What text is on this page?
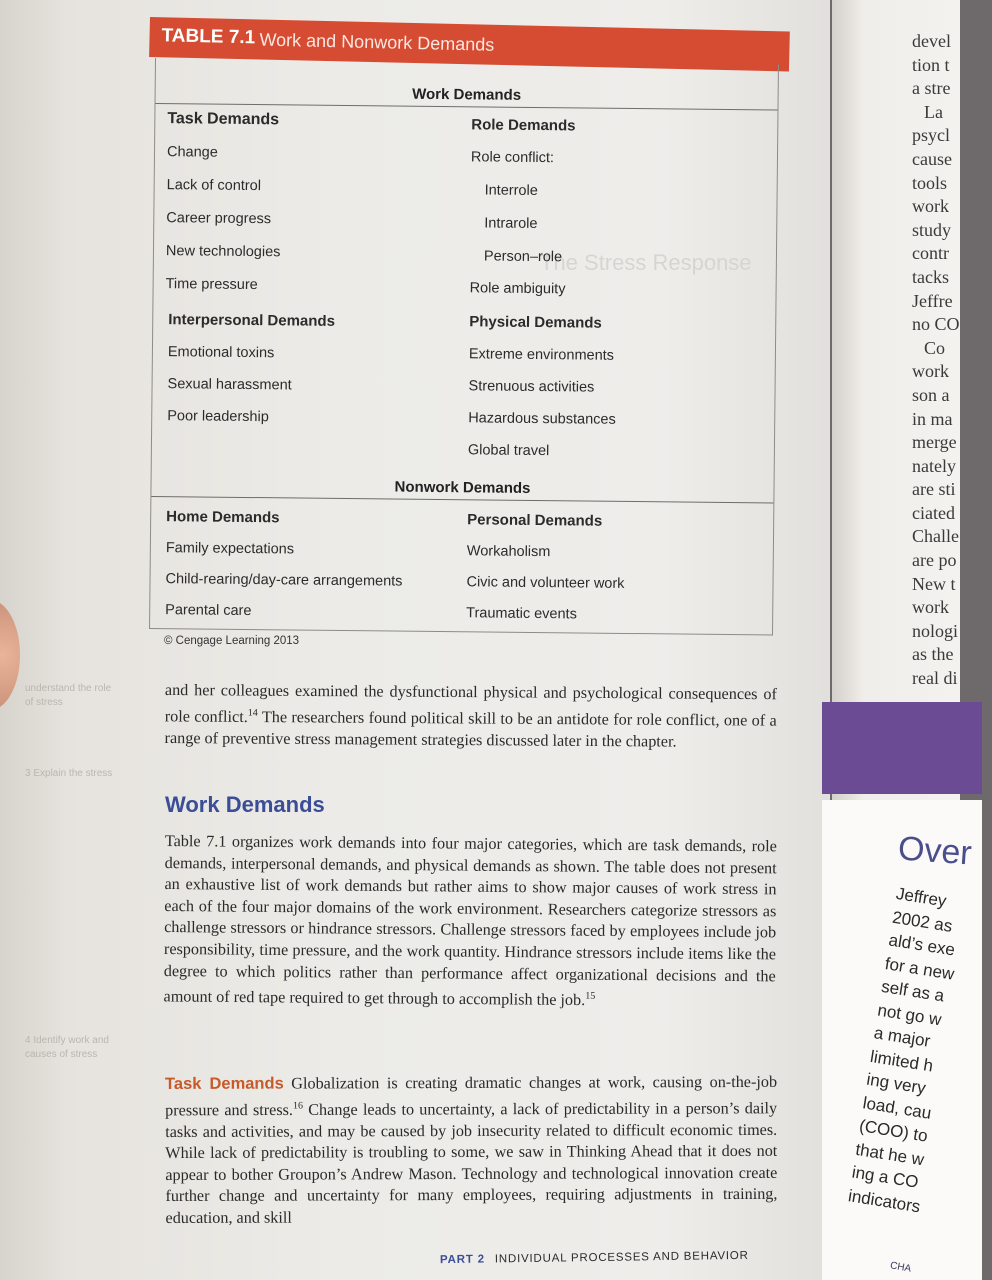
understand the role
of stress
3 Explain the stress
4 Identify work and
causes of stress
The Stress Response
TABLE 7.1 Work and Nonwork Demands
Work Demands
Task Demands
Change
Lack of control
Career progress
New technologies
Time pressure
Role Demands
Role conflict:
Interrole
Intrarole
Person–role
Role ambiguity
Interpersonal Demands
Emotional toxins
Sexual harassment
Poor leadership
Physical Demands
Extreme environments
Strenuous activities
Hazardous substances
Global travel
Nonwork Demands
Home Demands
Family expectations
Child-rearing/day-care arrangements
Parental care
Personal Demands
Workaholism
Civic and volunteer work
Traumatic events
© Cengage Learning 2013

and her colleagues examined the dysfunctional physical and psychological consequences of role conflict.$^{14}$ The researchers found political skill to be an antidote for role conflict, one of a range of preventive stress management strategies discussed later in the chapter.

Work Demands

Table 7.1 organizes work demands into four major categories, which are task demands, role demands, interpersonal demands, and physical demands as shown. The table does not present an exhaustive list of work demands but rather aims to show major causes of work stress in each of the four major domains of the work environment. Researchers categorize stressors as challenge stressors or hindrance stressors. Challenge stressors faced by employees include job responsibility, time pressure, and the work quantity. Hindrance stressors include items like the degree to which politics rather than performance affect organizational decisions and the amount of red tape required to get through to accomplish the job.$^{15}$

Task Demands Globalization is creating dramatic changes at work, causing on-the-job pressure and stress.$^{16}$ Change leads to uncertainty, a lack of predictability in a person’s daily tasks and activities, and may be caused by job insecurity related to difficult economic times. While lack of predictability is troubling to some, we saw in Thinking Ahead that it does not appear to bother Groupon’s Andrew Mason. Technology and technological innovation create further change and uncertainty for many employees, requiring adjustments in training, education, and skill

PART 2 INDIVIDUAL PROCESSES AND BEHAVIOR
devel
tion t
a stre
La
psycl
cause
tools
work
study
contr
tacks
Jeffre
no CO
Co
work
son a
in ma
merge
nately
are sti
ciated
Challe
are po
New t
work
nologi
as the
real di
Over
Jeffrey
2002 as
ald’s exe
for a new
self as a
not go w
a major
limited h
ing very
load, cau
(COO) to
that he w
ing a CO
indicators
CHA
